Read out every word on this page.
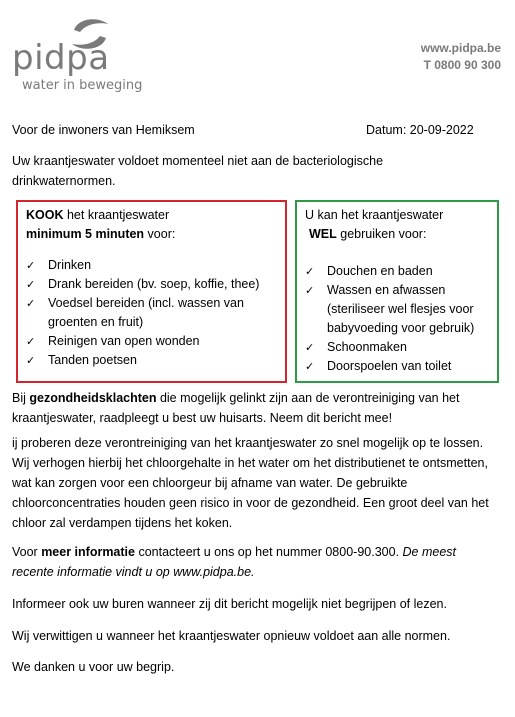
pidpa
water in beweging
www.pidpa.be
T 0800 90 300
Voor de inwoners van Hemiksem	Datum: 20-09-2022
Uw kraantjeswater voldoet momenteel niet aan de bacteriologische drinkwaternormen.
KOOK het kraantjeswater
minimum 5 minuten voor:
✓ Drinken
✓ Drank bereiden (bv. soep, koffie, thee)
✓ Voedsel bereiden (incl. wassen van groenten en fruit)
✓ Reinigen van open wonden
✓ Tanden poetsen
U kan het kraantjeswater
WEL gebruiken voor:
✓ Douchen en baden
✓ Wassen en afwassen (steriliseer wel flesjes voor babyvoeding voor gebruik)
✓ Schoonmaken
✓ Doorspoelen van toilet
Bij gezondheidsklachten die mogelijk gelinkt zijn aan de verontreiniging van het kraantjeswater, raadpleegt u best uw huisarts. Neem dit bericht mee!
ij proberen deze verontreiniging van het kraantjeswater zo snel mogelijk op te lossen. Wij verhogen hierbij het chloorgehalte in het water om het distributienet te ontsmetten, wat kan zorgen voor een chloorgeur bij afname van water. De gebruikte chloorconcentraties houden geen risico in voor de gezondheid. Een groot deel van het chloor zal verdampen tijdens het koken.
Voor meer informatie contacteert u ons op het nummer 0800-90.300. De meest recente informatie vindt u op www.pidpa.be.
Informeer ook uw buren wanneer zij dit bericht mogelijk niet begrijpen of lezen.
Wij verwittigen u wanneer het kraantjeswater opnieuw voldoet aan alle normen.
We danken u voor uw begrip.
